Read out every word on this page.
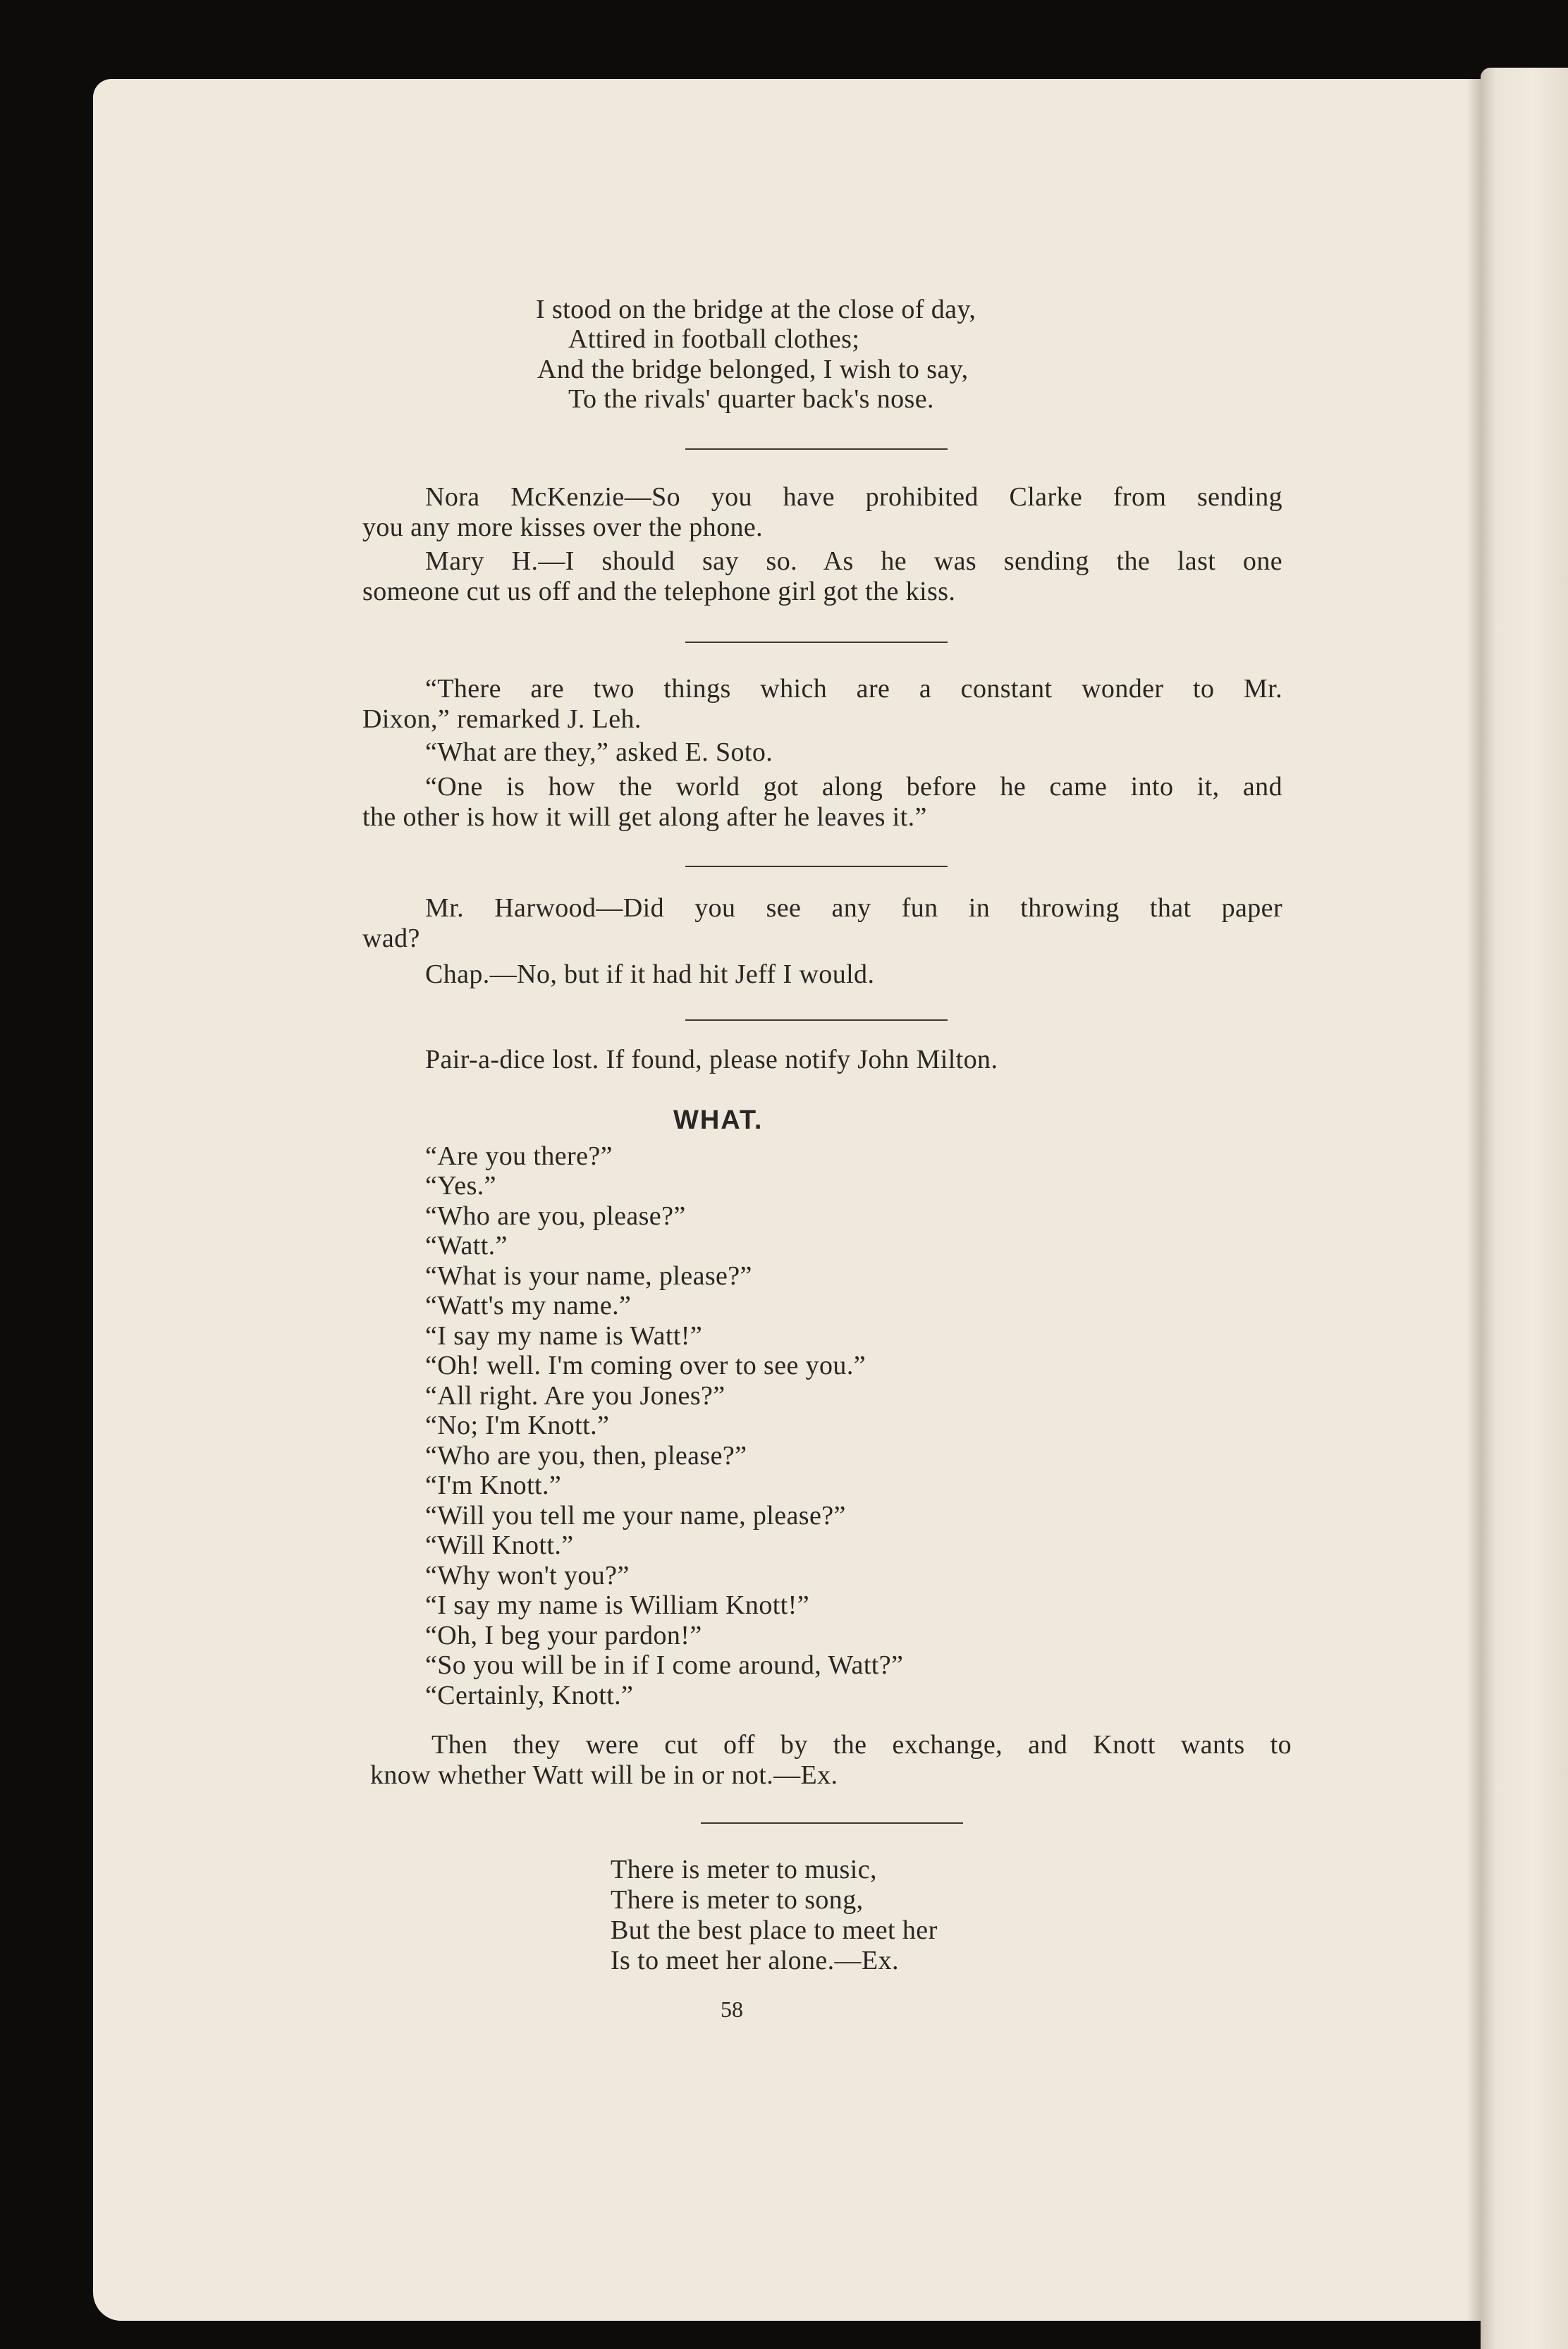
I stood on the bridge at the close of day,
Attired in football clothes;
And the bridge belonged, I wish to say,
To the rivals' quarter back's nose.
Nora McKenzie—So you have prohibited Clarke from sending
you any more kisses over the phone.
Mary H.—I should say so. As he was sending the last one
someone cut us off and the telephone girl got the kiss.
“There are two things which are a constant wonder to Mr.
Dixon,” remarked J. Leh.
“What are they,” asked E. Soto.
“One is how the world got along before he came into it, and
the other is how it will get along after he leaves it.”
Mr. Harwood—Did you see any fun in throwing that paper
wad?
Chap.—No, but if it had hit Jeff I would.
Pair-a-dice lost. If found, please notify John Milton.
WHAT.
“Are you there?”
“Yes.”
“Who are you, please?”
“Watt.”
“What is your name, please?”
“Watt's my name.”
“I say my name is Watt!”
“Oh! well. I'm coming over to see you.”
“All right. Are you Jones?”
“No; I'm Knott.”
“Who are you, then, please?”
“I'm Knott.”
“Will you tell me your name, please?”
“Will Knott.”
“Why won't you?”
“I say my name is William Knott!”
“Oh, I beg your pardon!”
“So you will be in if I come around, Watt?”
“Certainly, Knott.”
Then they were cut off by the exchange, and Knott wants to
know whether Watt will be in or not.—Ex.
There is meter to music,
There is meter to song,
But the best place to meet her
Is to meet her alone.—Ex.
58
